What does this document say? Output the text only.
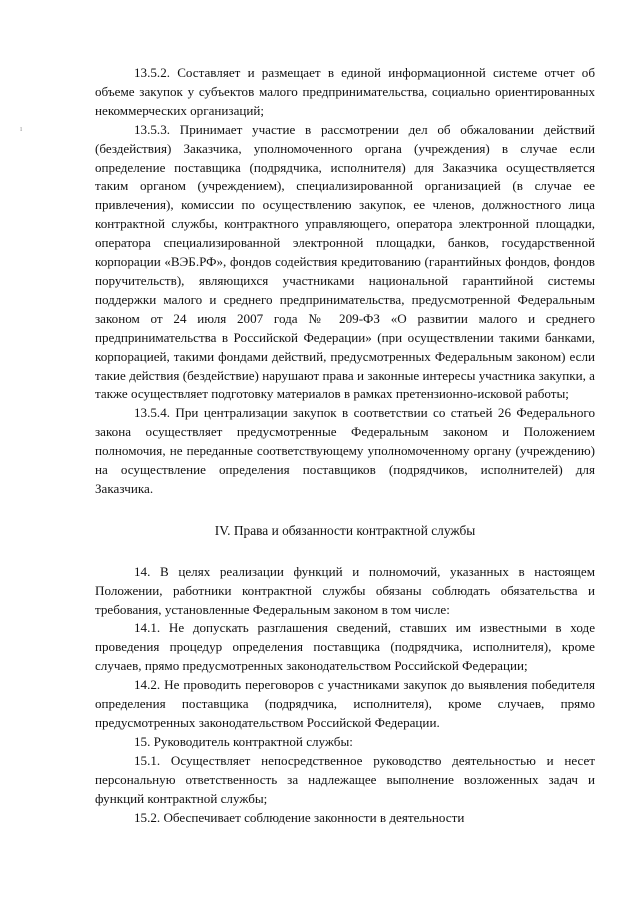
ı

13.5.2. Составляет и размещает в единой информационной системе отчет об объеме закупок у субъектов малого предпринимательства, социально ориентированных некоммерческих организаций;

13.5.3. Принимает участие в рассмотрении дел об обжаловании действий (бездействия) Заказчика, уполномоченного органа (учреждения) в случае если определение поставщика (подрядчика, исполнителя) для Заказчика осуществляется таким органом (учреждением), специализированной организацией (в случае ее привлечения), комиссии по осуществлению закупок, ее членов, должностного лица контрактной службы, контрактного управляющего, оператора электронной площадки, оператора специализированной электронной площадки, банков, государственной корпорации «ВЭБ.РФ», фондов содействия кредитованию (гарантийных фондов, фондов поручительств), являющихся участниками национальной гарантийной системы поддержки малого и среднего предпринимательства, предусмотренной Федеральным законом от 24 июля 2007 года № 209-ФЗ «О развитии малого и среднего предпринимательства в Российской Федерации» (при осуществлении такими банками, корпорацией, такими фондами действий, предусмотренных Федеральным законом) если такие действия (бездействие) нарушают права и законные интересы участника закупки, а также осуществляет подготовку материалов в рамках претензионно-исковой работы;

13.5.4. При централизации закупок в соответствии со статьей 26 Федерального закона осуществляет предусмотренные Федеральным законом и Положением полномочия, не переданные соответствующему уполномоченному органу (учреждению) на осуществление определения поставщиков (подрядчиков, исполнителей) для Заказчика.

IV. Права и обязанности контрактной службы

14. В целях реализации функций и полномочий, указанных в настоящем Положении, работники контрактной службы обязаны соблюдать обязательства и требования, установленные Федеральным законом в том числе:

14.1. Не допускать разглашения сведений, ставших им известными в ходе проведения процедур определения поставщика (подрядчика, исполнителя), кроме случаев, прямо предусмотренных законодательством Российской Федерации;

14.2. Не проводить переговоров с участниками закупок до выявления победителя определения поставщика (подрядчика, исполнителя), кроме случаев, прямо предусмотренных законодательством Российской Федерации.

15. Руководитель контрактной службы:

15.1. Осуществляет непосредственное руководство деятельностью и несет персональную ответственность за надлежащее выполнение возложенных задач и функций контрактной службы;

15.2. Обеспечивает соблюдение законности в деятельности
